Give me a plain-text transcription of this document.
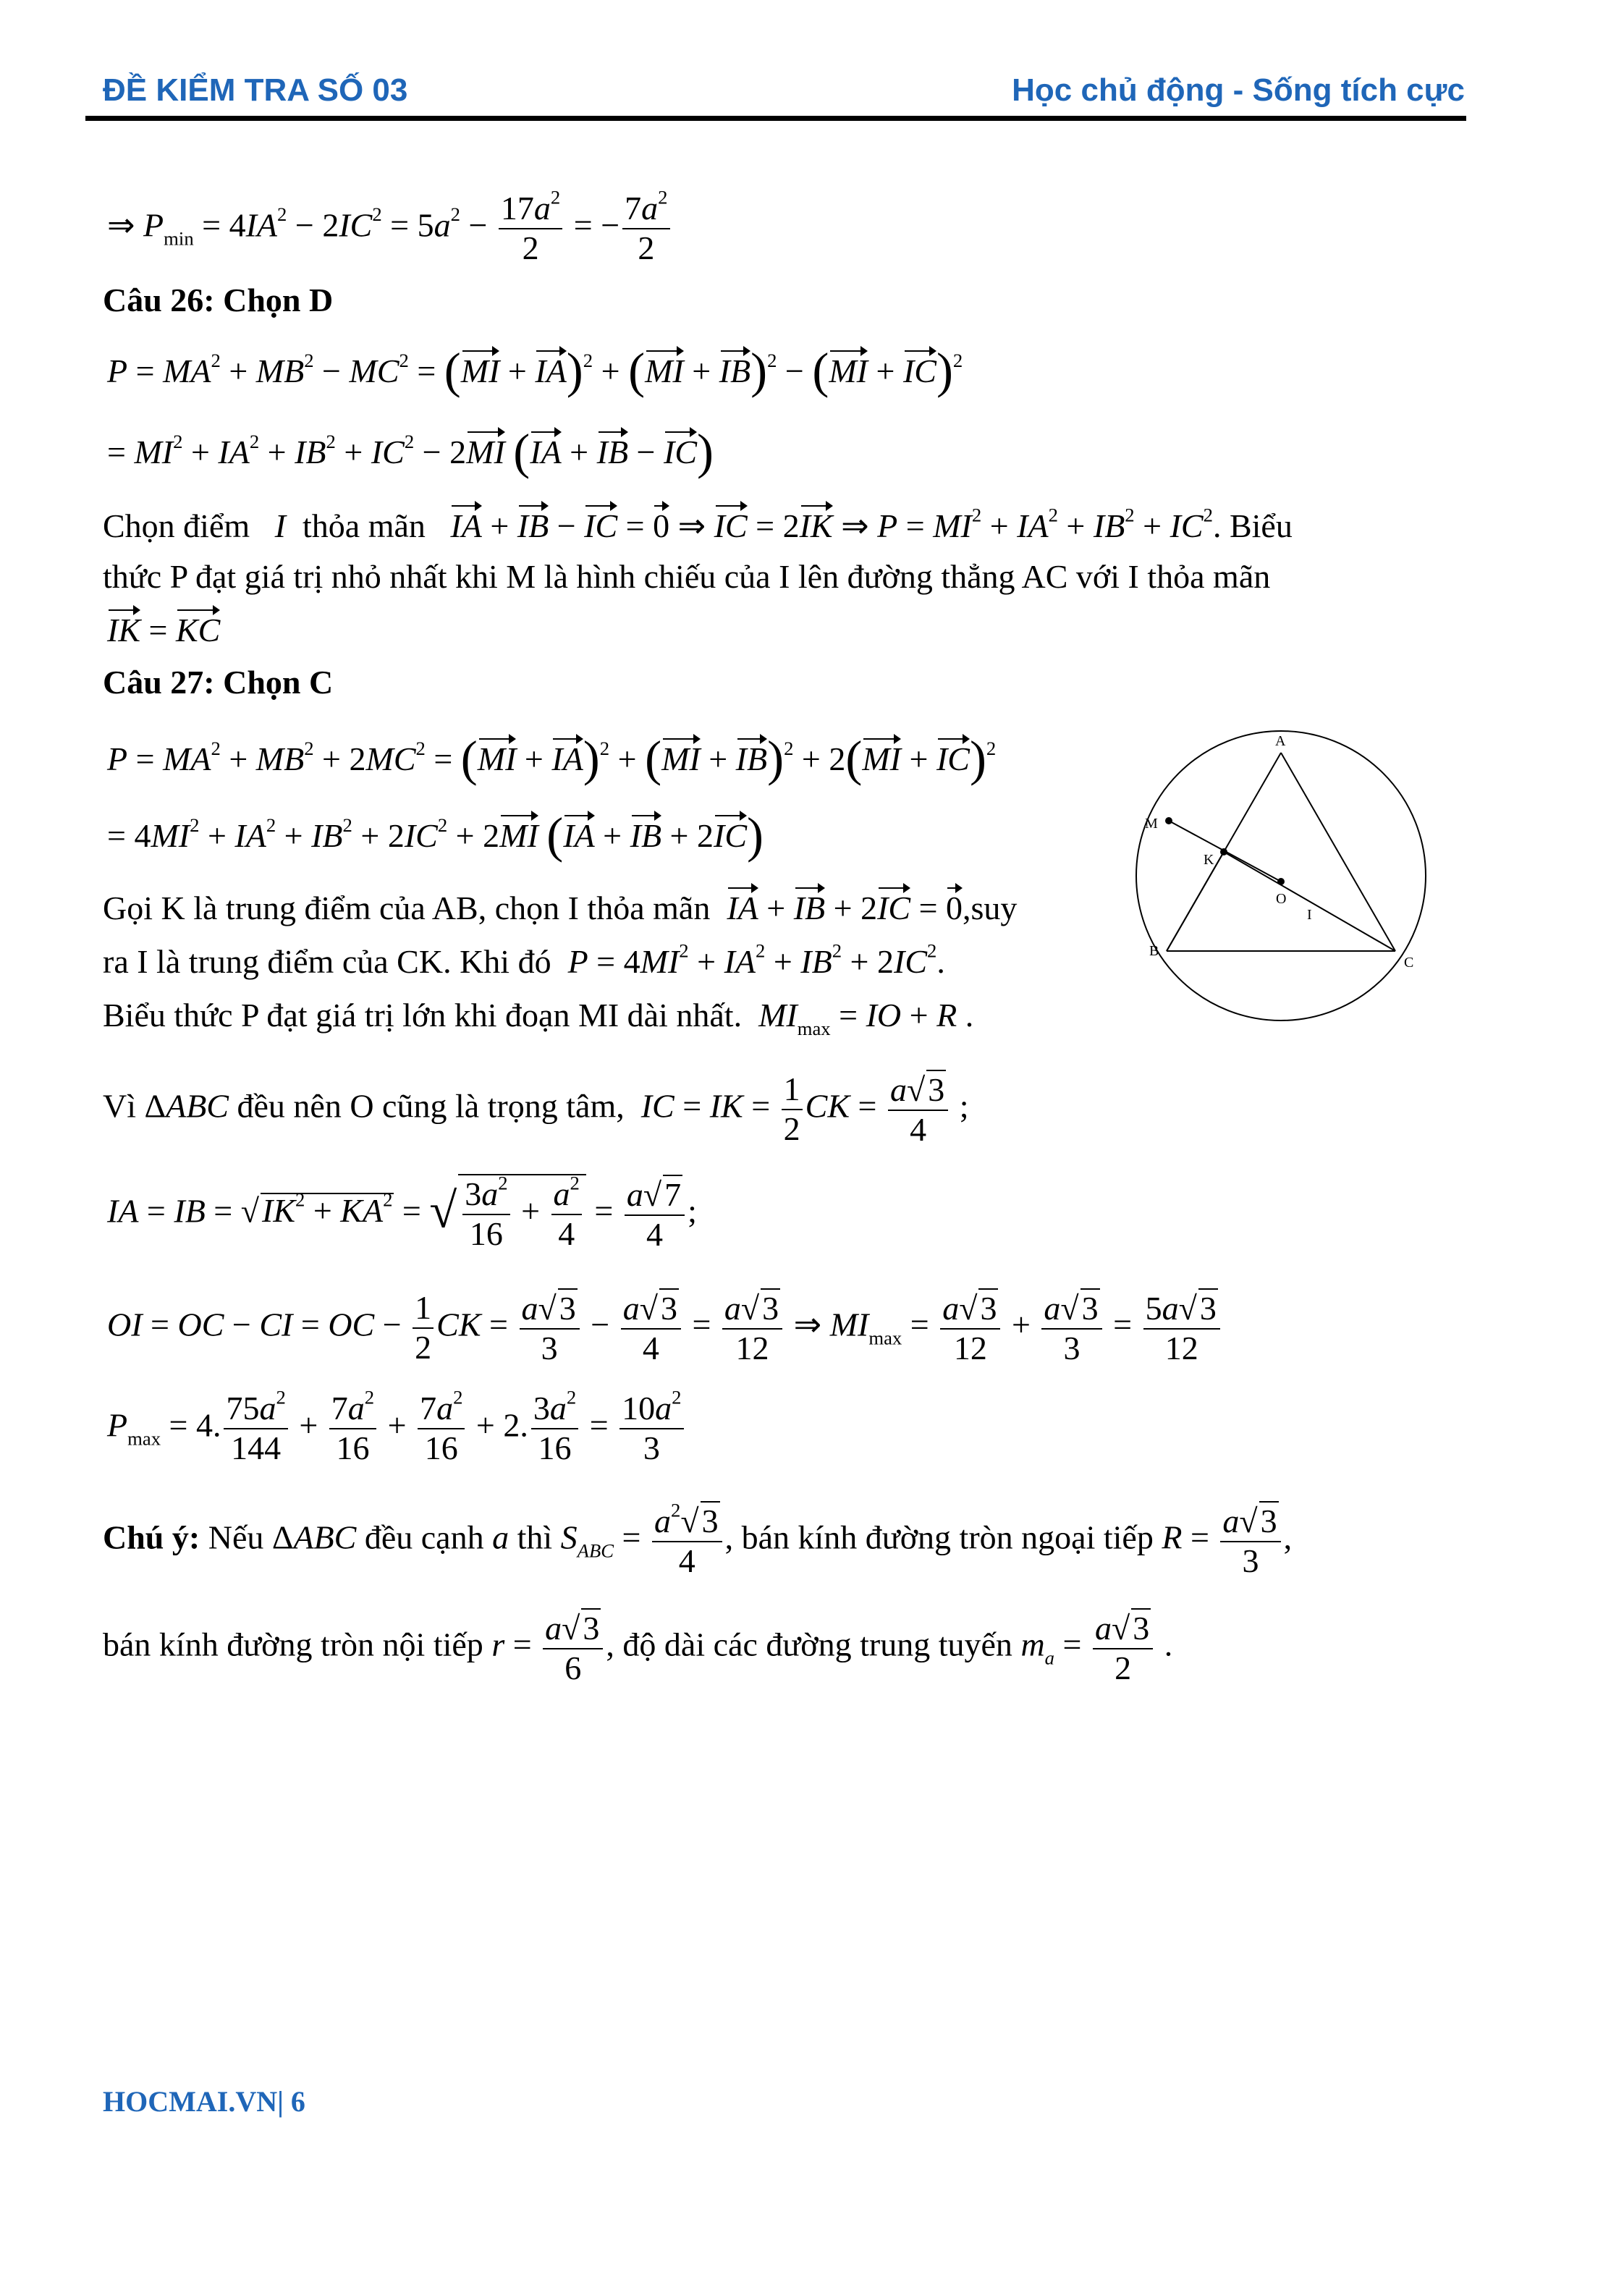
ĐỀ KIỂM TRA SỐ 03	Học chủ động - Sống tích cực
⇒ $P_{min} = 4IA^2 - 2IC^2 = 5a^2 - \frac{17a^2}{2}$ = − $\frac{7a^2}{2}$
Câu 26: Chọn D
$P = MA^2 + MB^2 - MC^2 = (MI + IA)^2 + (MI + IB)^2 - (MI + IC)^2$
= $MI^2 + IA^2 + IB^2 + IC^2 - 2MI$ (IA + IB − IC)
Chọn điểm   I  thỏa mãn IA + IB − IC = 0 ⇒ IC = 2IK ⇒ $P = MI^2 + IA^2 + IB^2 + IC^2$. Biểu
thức P đạt giá trị nhỏ nhất khi M là hình chiếu của I lên đường thẳng AC với I thỏa mãn
IK = KC
Câu 27: Chọn C
$P = MA^2 + MB^2 + 2MC^2 = (MI + IA)^2 + (MI + IB)^2 + 2(MI + IC)^2$
= $4MI^2 + IA^2 + IB^2 + 2IC^2 + 2MI$ (IA + IB + 2IC)
Gọi K là trung điểm của AB, chọn I thỏa mãn IA + IB + 2IC = 0,suy
ra I là trung điểm của CK. Khi đó $P = 4MI^2 + IA^2 + IB^2 + 2IC^2$.
Biểu thức P đạt giá trị lớn khi đoạn MI dài nhất. $MI_{max}$ = IO + R .
Vì ΔABC đều nên O cũng là trọng tâm, IC = IK = $\frac{1}{2}$ CK = $\frac{a√3}{4}$ ;
IA = IB = $√IK^2 + KA^2$ = √ $\frac{3a^2}{16} + \frac{a^2}{4} = \frac{a√7}{4}$ ;
OI = OC − CI = OC − $\frac{1}{2}$ CK = $\frac{a√3}{3} - \frac{a√3}{4} = \frac{a√3}{12}$ ⇒ $MI_{max} = \frac{a√3}{12} + \frac{a√3}{3} = \frac{5a√3}{12}$
$P_{max} = 4$. $\frac{75a^2}{144} + \frac{7a^2}{16} + \frac{7a^2}{16} + 2$. $\frac{3a^2}{16} = \frac{10a^2}{3}$
Chú ý: Nếu ΔABC đều cạnh a thì $S_{ABC} = \frac{a^2√3}{4}$ , bán kính đường tròn ngoại tiếp $R = \frac{a√3}{3}$ ,
bán kính đường tròn nội tiếp $r = \frac{a√3}{6}$ , độ dài các đường trung tuyến $m_a = \frac{a√3}{2}$ .
A
M
K
O
I
B
C
HOCMAI.VN| 6
